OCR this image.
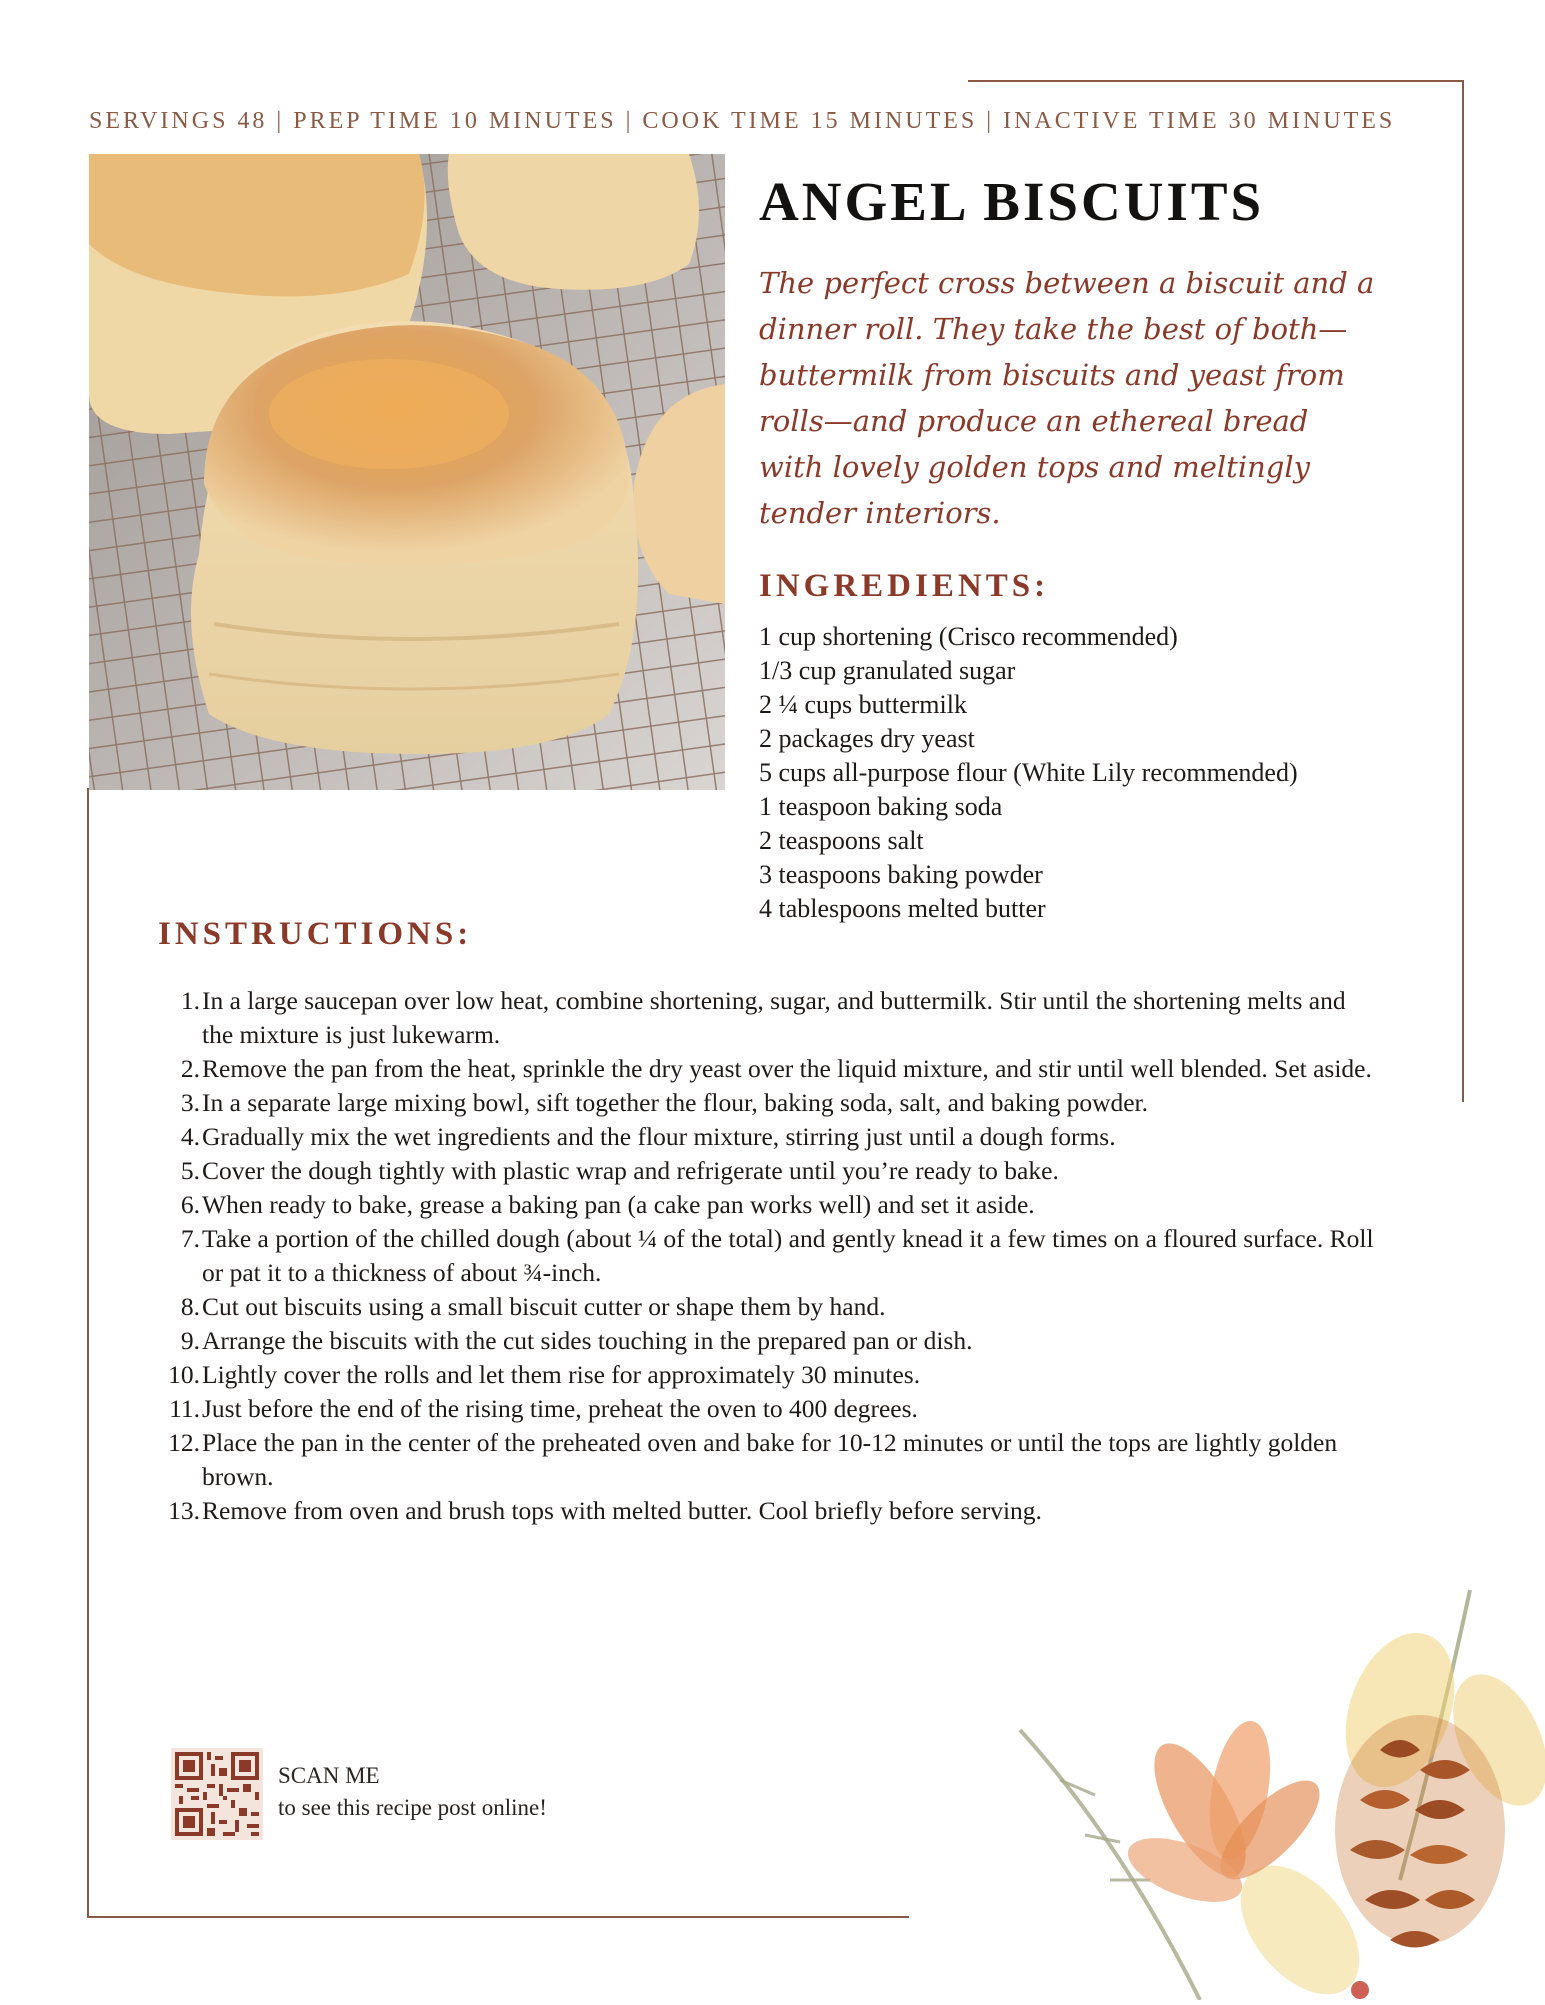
SERVINGS 48 | PREP TIME 10 MINUTES | COOK TIME 15 MINUTES | INACTIVE TIME 30 MINUTES
ANGEL BISCUITS

The perfect cross between a biscuit and a dinner roll. They take the best of both—buttermilk from biscuits and yeast from rolls—and produce an ethereal bread with lovely golden tops and meltingly tender interiors.

INGREDIENTS:
1 cup shortening (Crisco recommended)
1/3 cup granulated sugar
2 ¼ cups buttermilk
2 packages dry yeast
5 cups all-purpose flour (White Lily recommended)
1 teaspoon baking soda
2 teaspoons salt
3 teaspoons baking powder
4 tablespoons melted butter
INSTRUCTIONS:
1. In a large saucepan over low heat, combine shortening, sugar, and buttermilk. Stir until the shortening melts and the mixture is just lukewarm.
2. Remove the pan from the heat, sprinkle the dry yeast over the liquid mixture, and stir until well blended. Set aside.
3. In a separate large mixing bowl, sift together the flour, baking soda, salt, and baking powder.
4. Gradually mix the wet ingredients and the flour mixture, stirring just until a dough forms.
5. Cover the dough tightly with plastic wrap and refrigerate until you’re ready to bake.
6. When ready to bake, grease a baking pan (a cake pan works well) and set it aside.
7. Take a portion of the chilled dough (about ¼ of the total) and gently knead it a few times on a floured surface. Roll or pat it to a thickness of about ¾-inch.
8. Cut out biscuits using a small biscuit cutter or shape them by hand.
9. Arrange the biscuits with the cut sides touching in the prepared pan or dish.
10. Lightly cover the rolls and let them rise for approximately 30 minutes.
11. Just before the end of the rising time, preheat the oven to 400 degrees.
12. Place the pan in the center of the preheated oven and bake for 10-12 minutes or until the tops are lightly golden brown.
13. Remove from oven and brush tops with melted butter. Cool briefly before serving.
SCAN ME
to see this recipe post online!
